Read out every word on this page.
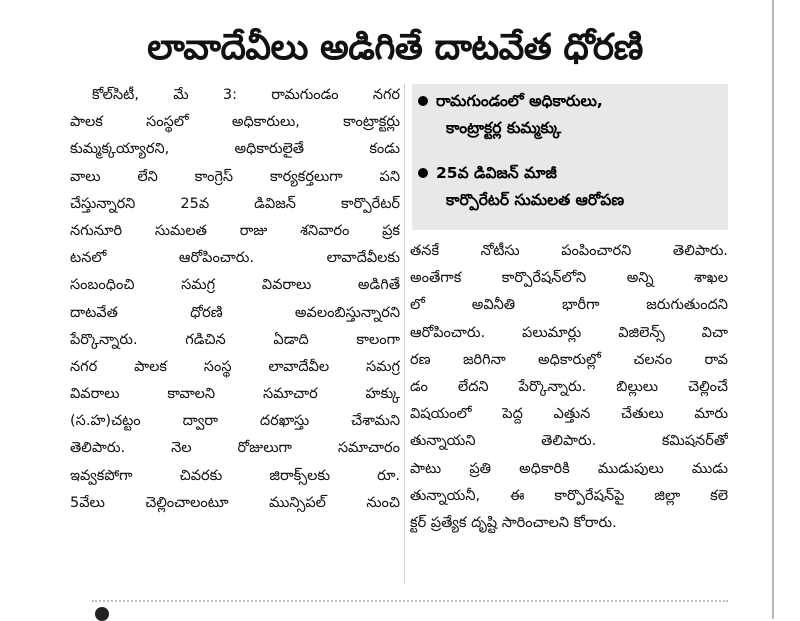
లావాదేవీలు అడిగితే దాటవేత ధోరణి
రామగుండంలో అధికారులు,
కాంట్రాక్టర్ల కుమ్మక్కు
25వ డివిజన్ మాజీ
కార్పొరేటర్ సుమలత ఆరోపణ
కోల్‌సిటీ, మే 3: రామగుండం నగర
పాలక సంస్థలో అధికారులు, కాంట్రాక్టర్లు
కుమ్మక్కయ్యారని, అధికారులైతే కండు
వాలు లేని కాంగ్రెస్ కార్యకర్తలుగా పని
చేస్తున్నారని 25వ డివిజన్ కార్పొరేటర్
నగునూరి సుమలత రాజు శనివారం ప్రక
టనలో ఆరోపించారు. లావాదేవీలకు
సంబంధించి సమగ్ర వివరాలు అడిగితే
దాటవేత ధోరణి అవలంబిస్తున్నారని
పేర్కొన్నారు. గడిచిన ఏడాది కాలంగా
నగర పాలక సంస్థ లావాదేవీల సమగ్ర
వివరాలు కావాలని సమాచార హక్కు
(స.హ)చట్టం ద్వారా దరఖాస్తు చేశామని
తెలిపారు. నెల రోజులుగా సమాచారం
ఇవ్వకపోగా చివరకు జిరాక్స్‌లకు రూ.
5వేలు చెల్లించాలంటూ మున్సిపల్ నుంచి
తనకే నోటీసు పంపించారని తెలిపారు.
అంతేగాక కార్పొరేషన్‌లోని అన్ని శాఖల
లో అవినీతి భారీగా జరుగుతుందని
ఆరోపించారు. పలుమార్లు విజిలెన్స్ విచా
రణ జరిగినా అధికారుల్లో చలనం రావ
డం లేదని పేర్కొన్నారు. బిల్లులు చెల్లించే
విషయంలో పెద్ద ఎత్తున చేతులు మారు
తున్నాయని తెలిపారు. కమిషనర్‌తో
పాటు ప్రతి అధికారికి ముడుపులు ముడు
తున్నాయనీ, ఈ కార్పొరేషన్‌పై జిల్లా కలె
క్టర్ ప్రత్యేక దృష్టి సారించాలని కోరారు.
